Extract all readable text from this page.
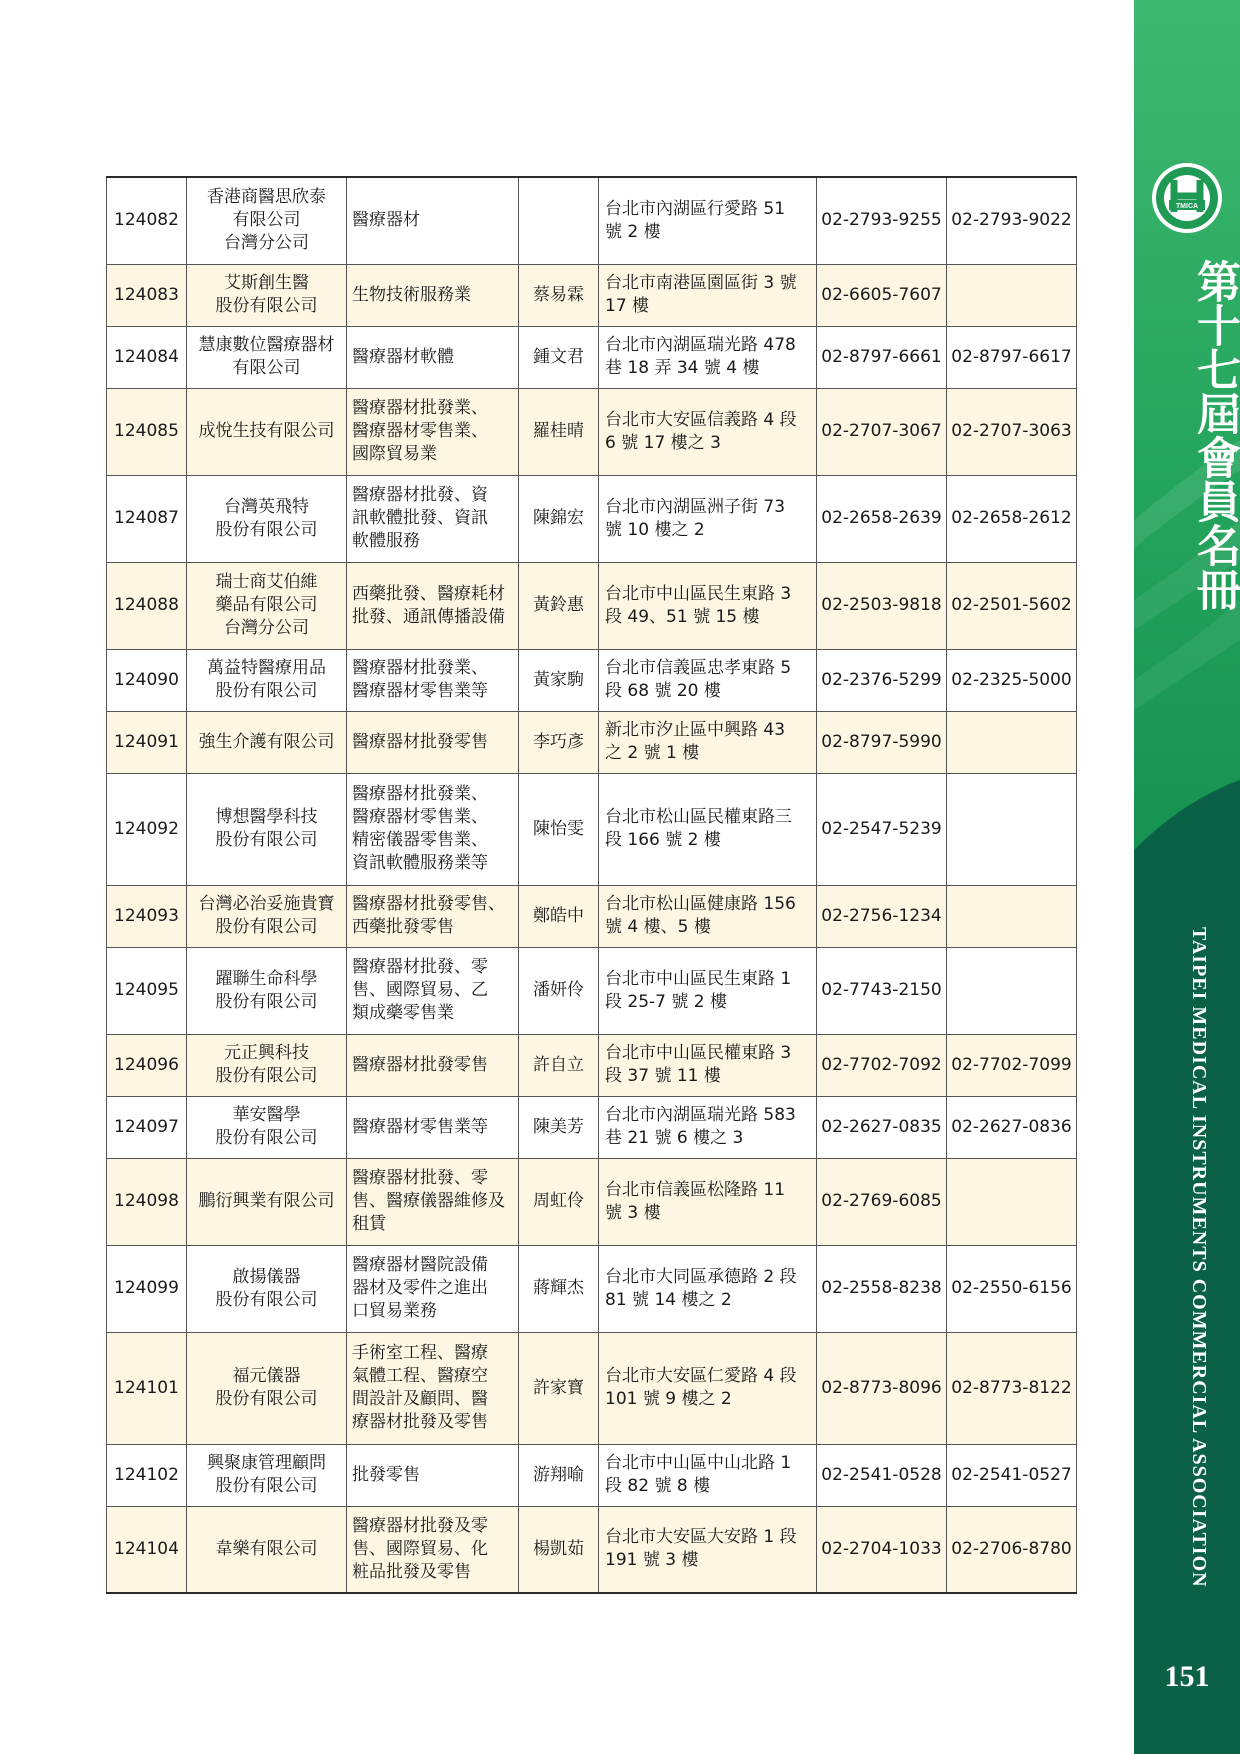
124082	香港商醫思欣泰
有限公司
台灣分公司	醫療器材		台北市內湖區行愛路 51
號 2 樓	02-2793-9255	02-2793-9022
124083	艾斯創生醫
股份有限公司	生物技術服務業	蔡易霖	台北市南港區園區街 3 號
17 樓	02-6605-7607	
124084	慧康數位醫療器材
有限公司	醫療器材軟體	鍾文君	台北市內湖區瑞光路 478
巷 18 弄 34 號 4 樓	02-8797-6661	02-8797-6617
124085	成悅生技有限公司	醫療器材批發業、
醫療器材零售業、
國際貿易業	羅桂晴	台北市大安區信義路 4 段
6 號 17 樓之 3	02-2707-3067	02-2707-3063
124087	台灣英飛特
股份有限公司	醫療器材批發、資
訊軟體批發、資訊
軟體服務	陳錦宏	台北市內湖區洲子街 73
號 10 樓之 2	02-2658-2639	02-2658-2612
124088	瑞士商艾伯維
藥品有限公司
台灣分公司	西藥批發、醫療耗材
批發、通訊傳播設備	黃鈴惠	台北市中山區民生東路 3
段 49、51 號 15 樓	02-2503-9818	02-2501-5602
124090	萬益特醫療用品
股份有限公司	醫療器材批發業、
醫療器材零售業等	黃家駒	台北市信義區忠孝東路 5
段 68 號 20 樓	02-2376-5299	02-2325-5000
124091	強生介護有限公司	醫療器材批發零售	李巧彥	新北市汐止區中興路 43
之 2 號 1 樓	02-8797-5990	
124092	博想醫學科技
股份有限公司	醫療器材批發業、
醫療器材零售業、
精密儀器零售業、
資訊軟體服務業等	陳怡雯	台北市松山區民權東路三
段 166 號 2 樓	02-2547-5239	
124093	台灣必治妥施貴寶
股份有限公司	醫療器材批發零售、
西藥批發零售	鄭皓中	台北市松山區健康路 156
號 4 樓、5 樓	02-2756-1234	
124095	躍聯生命科學
股份有限公司	醫療器材批發、零
售、國際貿易、乙
類成藥零售業	潘妍伶	台北市中山區民生東路 1
段 25-7 號 2 樓	02-7743-2150	
124096	元正興科技
股份有限公司	醫療器材批發零售	許自立	台北市中山區民權東路 3
段 37 號 11 樓	02-7702-7092	02-7702-7099
124097	華安醫學
股份有限公司	醫療器材零售業等	陳美芳	台北市內湖區瑞光路 583
巷 21 號 6 樓之 3	02-2627-0835	02-2627-0836
124098	鵬衍興業有限公司	醫療器材批發、零
售、醫療儀器維修及
租賃	周虹伶	台北市信義區松隆路 11
號 3 樓	02-2769-6085	
124099	啟揚儀器
股份有限公司	醫療器材醫院設備
器材及零件之進出
口貿易業務	蔣輝杰	台北市大同區承德路 2 段
81 號 14 樓之 2	02-2558-8238	02-2550-6156
124101	福元儀器
股份有限公司	手術室工程、醫療
氣體工程、醫療空
間設計及顧問、醫
療器材批發及零售	許家寶	台北市大安區仁愛路 4 段
101 號 9 樓之 2	02-8773-8096	02-8773-8122
124102	興聚康管理顧問
股份有限公司	批發零售	游翔喻	台北市中山區中山北路 1
段 82 號 8 樓	02-2541-0528	02-2541-0527
124104	韋樂有限公司	醫療器材批發及零
售、國際貿易、化
粧品批發及零售	楊凱茹	台北市大安區大安路 1 段
191 號 3 樓	02-2704-1033	02-2706-8780
TMICA
第十七屆會員名冊
TAIPEI MEDICAL INSTRUMENTS COMMERCIAL ASSOCIATION
151
